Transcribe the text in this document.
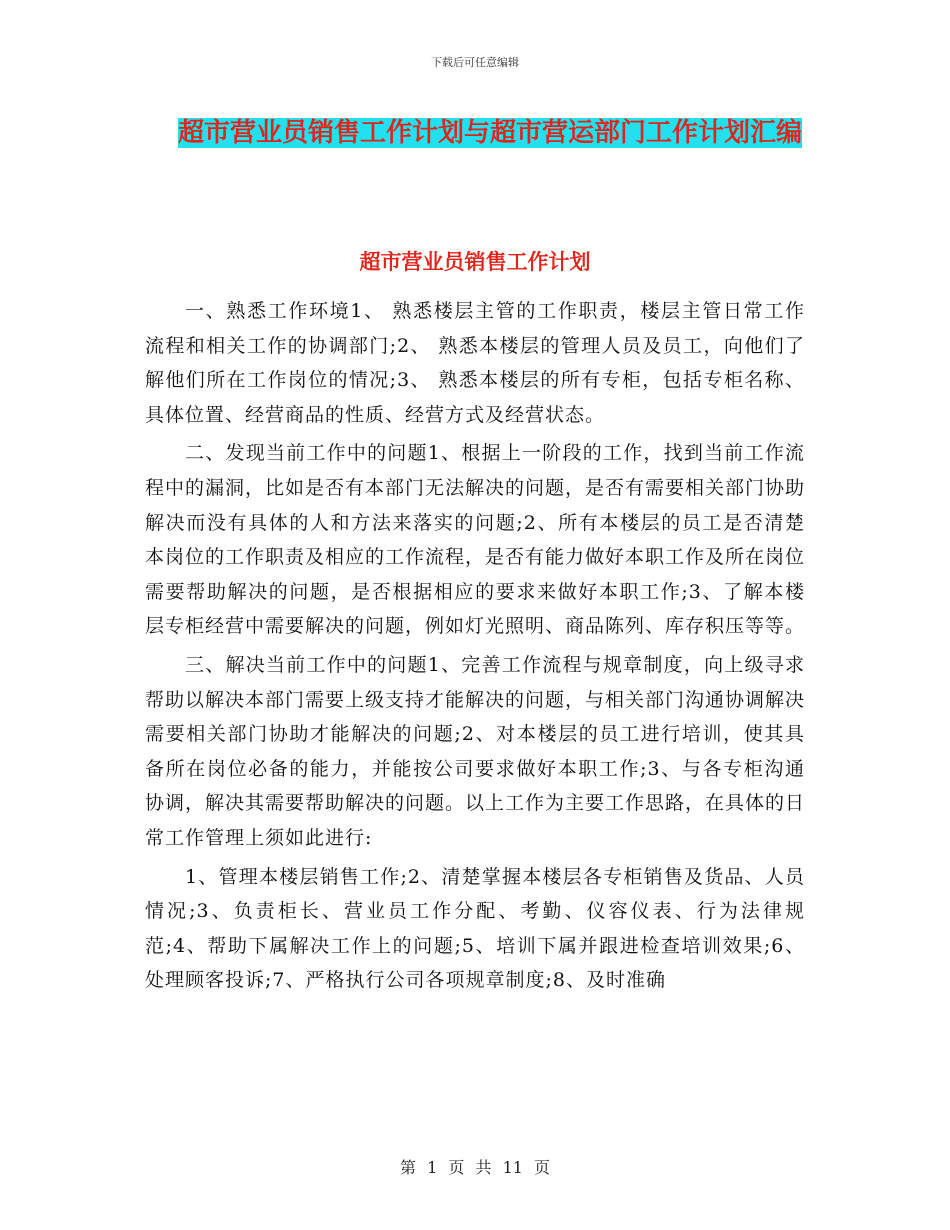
下载后可任意编辑
超市营业员销售工作计划与超市营运部门工作计划汇编
超市营业员销售工作计划

一、熟悉工作环境1、 熟悉楼层主管的工作职责，楼层主管日常工作流程和相关工作的协调部门;2、 熟悉本楼层的管理人员及员工，向他们了解他们所在工作岗位的情况;3、 熟悉本楼层的所有专柜，包括专柜名称、具体位置、经营商品的性质、经营方式及经营状态。

二、发现当前工作中的问题1、根据上一阶段的工作，找到当前工作流程中的漏洞，比如是否有本部门无法解决的问题，是否有需要相关部门协助解决而没有具体的人和方法来落实的问题;2、所有本楼层的员工是否清楚本岗位的工作职责及相应的工作流程，是否有能力做好本职工作及所在岗位需要帮助解决的问题，是否根据相应的要求来做好本职工作;3、了解本楼层专柜经营中需要解决的问题，例如灯光照明、商品陈列、库存积压等等。

三、解决当前工作中的问题1、完善工作流程与规章制度，向上级寻求帮助以解决本部门需要上级支持才能解决的问题，与相关部门沟通协调解决需要相关部门协助才能解决的问题;2、对本楼层的员工进行培训，使其具备所在岗位必备的能力，并能按公司要求做好本职工作;3、与各专柜沟通协调，解决其需要帮助解决的问题。以上工作为主要工作思路，在具体的日常工作管理上须如此进行:

1、管理本楼层销售工作;2、清楚掌握本楼层各专柜销售及货品、人员情况;3、负责柜长、营业员工作分配、考勤、仪容仪表、行为法律规范;4、帮助下属解决工作上的问题;5、培训下属并跟进检查培训效果;6、处理顾客投诉;7、严格执行公司各项规章制度;8、及时准确

第 1 页 共 11 页
